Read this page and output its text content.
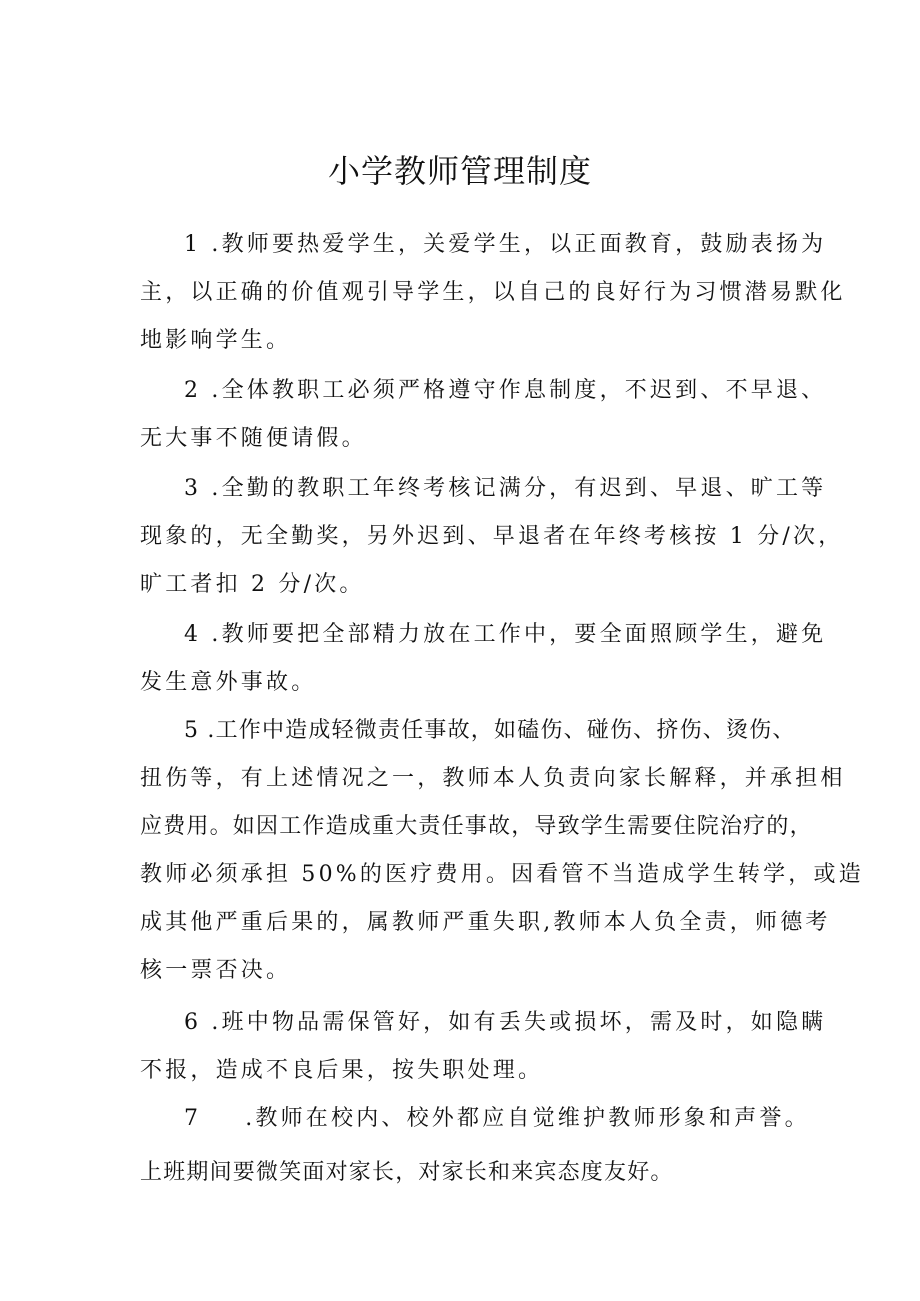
小学教师管理制度
1 .教师要热爱学生，关爱学生，以正面教育，鼓励表扬为
主，以正确的价值观引导学生，以自己的良好行为习惯潜易默化
地影响学生。
2 .全体教职工必须严格遵守作息制度，不迟到、不早退、
无大事不随便请假。
3 .全勤的教职工年终考核记满分，有迟到、早退、旷工等
现象的，无全勤奖，另外迟到、早退者在年终考核按 1 分/次，
旷工者扣 2 分/次。
4 .教师要把全部精力放在工作中，要全面照顾学生，避免
发生意外事故。
5 .工作中造成轻微责任事故，如磕伤、碰伤、挤伤、烫伤、
扭伤等，有上述情况之一，教师本人负责向家长解释，并承担相
应费用。如因工作造成重大责任事故，导致学生需要住院治疗的，
教师必须承担 50%的医疗费用。因看管不当造成学生转学，或造
成其他严重后果的，属教师严重失职,教师本人负全责，师德考
核一票否决。
6 .班中物品需保管好，如有丢失或损坏，需及时，如隐瞒
不报，造成不良后果，按失职处理。
7 .教师在校内、校外都应自觉维护教师形象和声誉。
上班期间要微笑面对家长，对家长和来宾态度友好。
